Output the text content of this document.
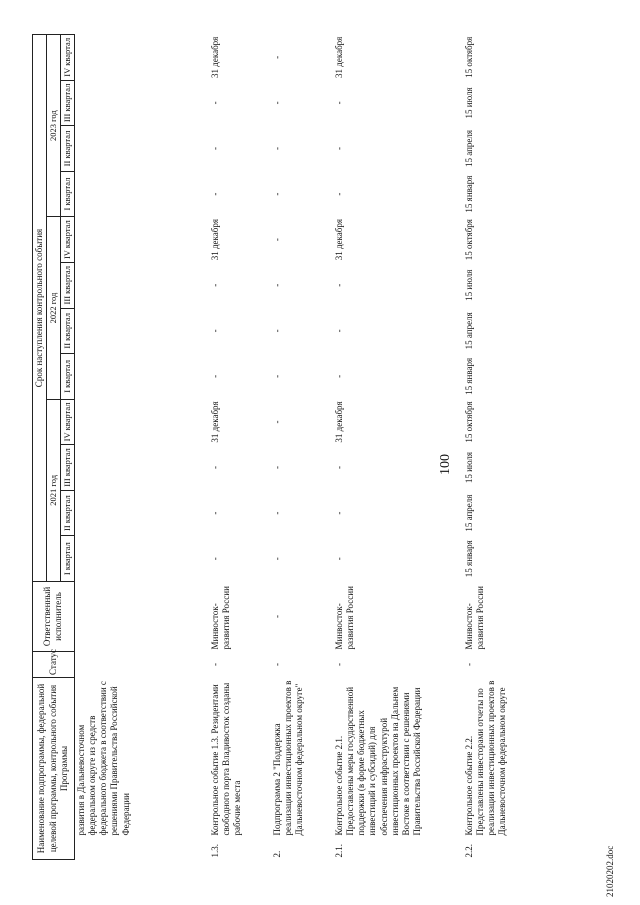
100
Наименование подпрограммы, федеральной целевой программы, контрольного события Программы		Статус	Ответственный исполнитель	Срок наступления контрольного события											
				2021 год				2022 год				2023 год			
				I квартал	II квартал	III квартал	IV квартал	I квартал	II квартал	III квартал	IV квартал	I квартал	II квартал	III квартал	IV квартал
	развития в Дальневосточном федеральном округе из средств федерального бюджета в соответствии с решениями Правительства Российской Федерации														
1.3.	Контрольное событие 1.3. Резидентами свободного порта Владивосток созданы рабочие места	-	Минвосток-развития России	-	-	-	31 декабря	-	-	-	31 декабря	-	-	-	31 декабря
2.	Подпрограмма 2 "Поддержка реализации инвестиционных проектов в Дальневосточном федеральном округе"	-	-	-	-	-	-	-	-	-	-	-	-	-	-
2.1.	Контрольное событие 2.1. Предоставлены меры государственной поддержки (в форме бюджетных инвестиций и субсидий) для обеспечения инфраструктурой инвестиционных проектов на Дальнем Востоке в соответствии с решениями Правительства Российской Федерации	-	Минвосток-развития России	-	-	-	31 декабря	-	-	-	31 декабря	-	-	-	31 декабря
2.2.	Контрольное событие 2.2. Представлены инвесторами отчеты по реализации инвестиционных проектов в Дальневосточном федеральном округе	-	Минвосток-развития России	15 января	15 апреля	15 июля	15 октября	15 января	15 апреля	15 июля	15 октября	15 января	15 апреля	15 июля	15 октября
21020202.doc
